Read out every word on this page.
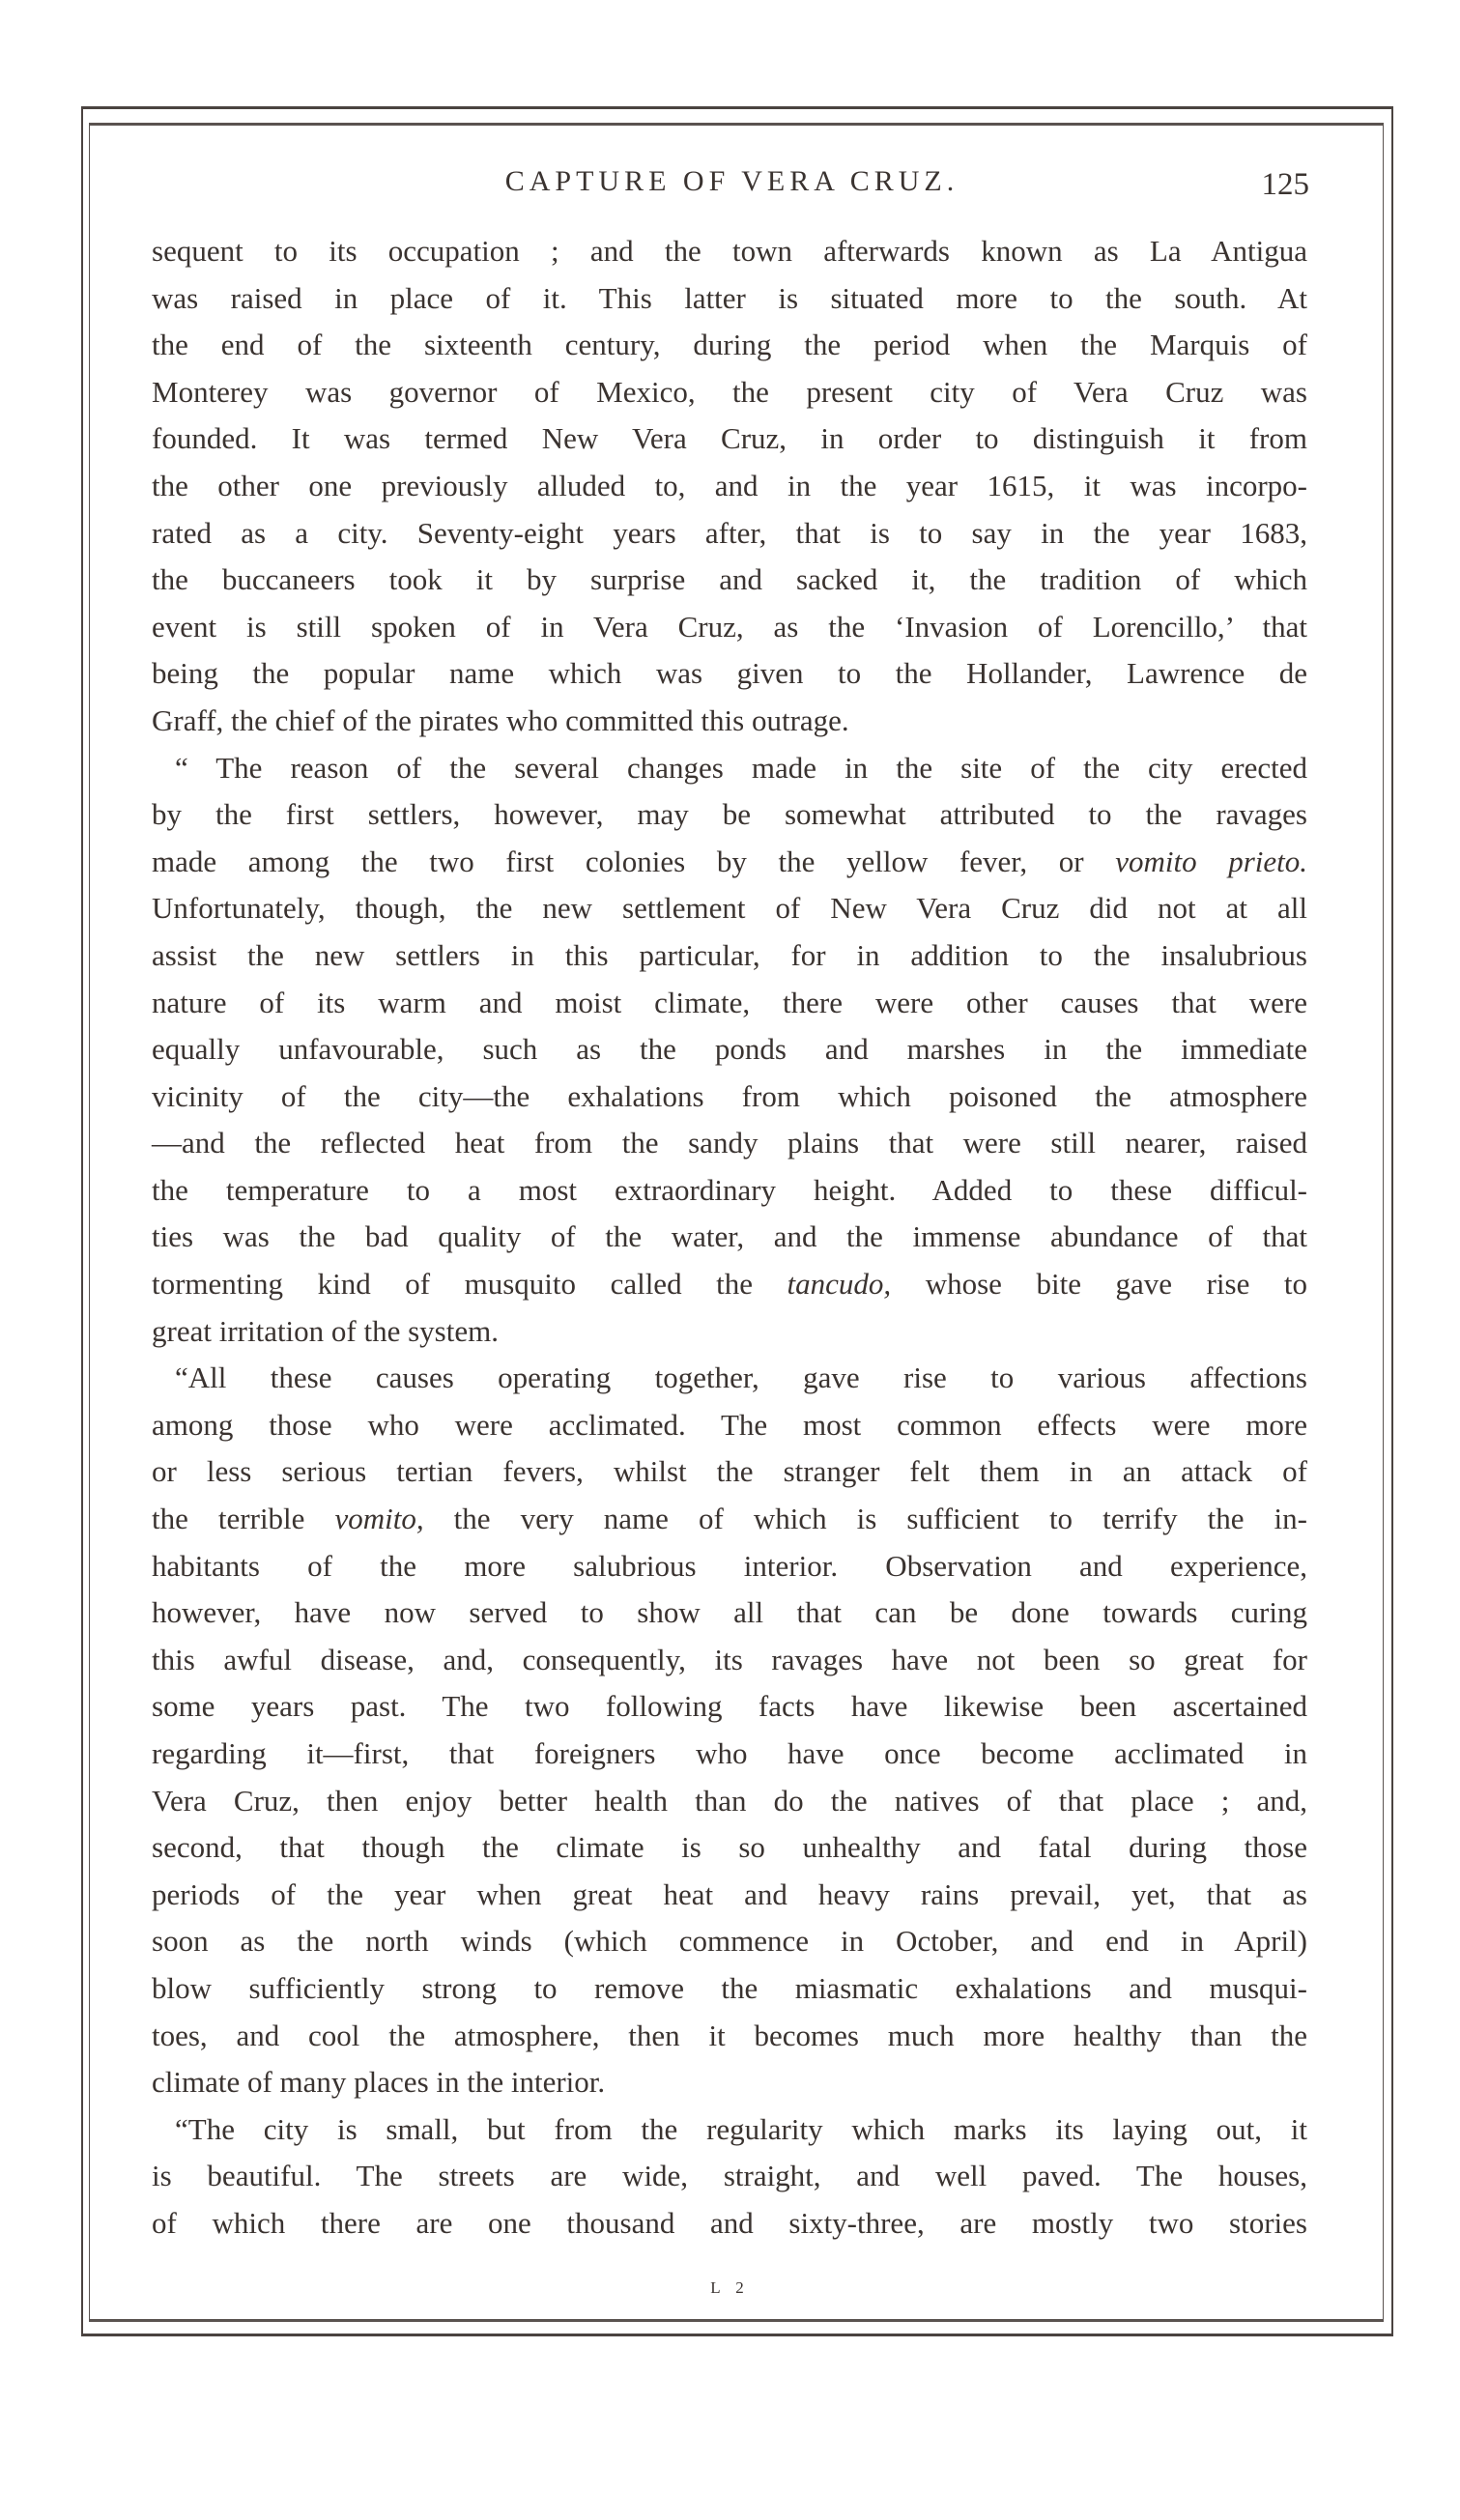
CAPTURE OF VERA CRUZ.	125
sequent to its occupation ; and the town afterwards known as La Antigua
was raised in place of it. This latter is situated more to the south. At
the end of the sixteenth century, during the period when the Marquis of
Monterey was governor of Mexico, the present city of Vera Cruz was
founded. It was termed New Vera Cruz, in order to distinguish it from
the other one previously alluded to, and in the year 1615, it was incorpo-
rated as a city. Seventy-eight years after, that is to say in the year 1683,
the buccaneers took it by surprise and sacked it, the tradition of which
event is still spoken of in Vera Cruz, as the ‘Invasion of Lorencillo,’ that
being the popular name which was given to the Hollander, Lawrence de
Graff, the chief of the pirates who committed this outrage.
“ The reason of the several changes made in the site of the city erected
by the first settlers, however, may be somewhat attributed to the ravages
made among the two first colonies by the yellow fever, or vomito prieto.
Unfortunately, though, the new settlement of New Vera Cruz did not at all
assist the new settlers in this particular, for in addition to the insalubrious
nature of its warm and moist climate, there were other causes that were
equally unfavourable, such as the ponds and marshes in the immediate
vicinity of the city—the exhalations from which poisoned the atmosphere
—and the reflected heat from the sandy plains that were still nearer, raised
the temperature to a most extraordinary height. Added to these difficul-
ties was the bad quality of the water, and the immense abundance of that
tormenting kind of musquito called the tancudo, whose bite gave rise to
great irritation of the system.
“All these causes operating together, gave rise to various affections
among those who were acclimated. The most common effects were more
or less serious tertian fevers, whilst the stranger felt them in an attack of
the terrible vomito, the very name of which is sufficient to terrify the in-
habitants of the more salubrious interior. Observation and experience,
however, have now served to show all that can be done towards curing
this awful disease, and, consequently, its ravages have not been so great for
some years past. The two following facts have likewise been ascertained
regarding it—first, that foreigners who have once become acclimated in
Vera Cruz, then enjoy better health than do the natives of that place ; and,
second, that though the climate is so unhealthy and fatal during those
periods of the year when great heat and heavy rains prevail, yet, that as
soon as the north winds (which commence in October, and end in April)
blow sufficiently strong to remove the miasmatic exhalations and musqui-
toes, and cool the atmosphere, then it becomes much more healthy than the
climate of many places in the interior.
“The city is small, but from the regularity which marks its laying out, it
is beautiful. The streets are wide, straight, and well paved. The houses,
of which there are one thousand and sixty-three, are mostly two stories
L 2
